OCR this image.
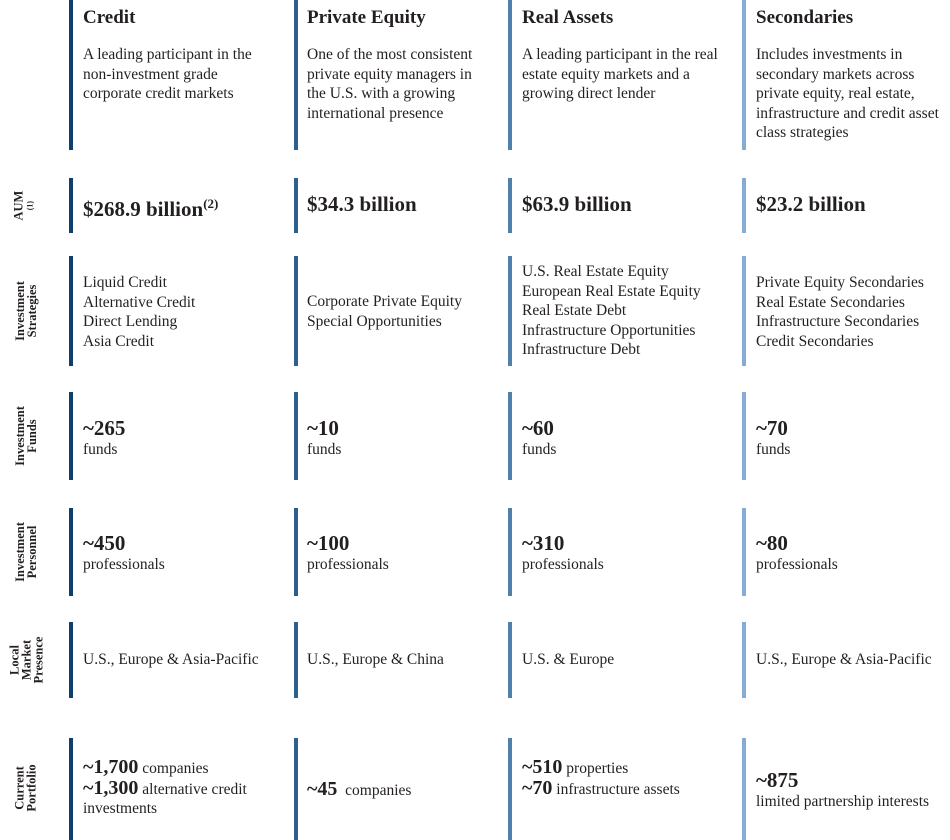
AUM
$^{(1)}$
Investment
Strategies
Investment
Funds
Investment
Personnel
Local
Market
Presence
Current
Portfolio
Credit
A leading participant in the
non-investment grade
corporate credit markets
$268.9 billion$^{(2)}$
Liquid Credit
Alternative Credit
Direct Lending
Asia Credit
~265
funds
~450
professionals
U.S., Europe & Asia-Pacific
~1,700 companies
~1,300 alternative credit
investments
Private Equity
One of the most consistent
private equity managers in
the U.S. with a growing
international presence
$34.3 billion
Corporate Private Equity
Special Opportunities
~10
funds
~100
professionals
U.S., Europe & China
~45 companies
Real Assets
A leading participant in the real
estate equity markets and a
growing direct lender
$63.9 billion
U.S. Real Estate Equity
European Real Estate Equity
Real Estate Debt
Infrastructure Opportunities
Infrastructure Debt
~60
funds
~310
professionals
U.S. & Europe
~510 properties
~70 infrastructure assets
Secondaries
Includes investments in
secondary markets across
private equity, real estate,
infrastructure and credit asset
class strategies
$23.2 billion
Private Equity Secondaries
Real Estate Secondaries
Infrastructure Secondaries
Credit Secondaries
~70
funds
~80
professionals
U.S., Europe & Asia-Pacific
~875
limited partnership interests
